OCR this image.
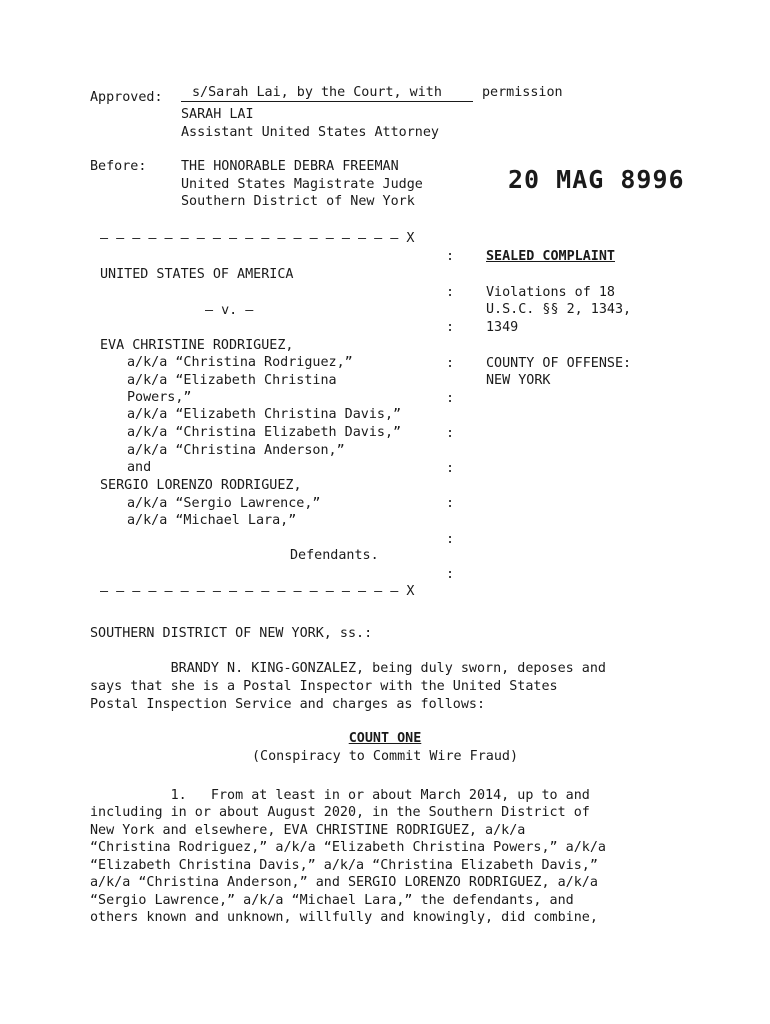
Approved: s/Sarah Lai, by the Court, with	permission
SARAH LAI
Assistant United States Attorney
Before:	THE HONORABLE DEBRA FREEMAN
United States Magistrate Judge
Southern District of New York
20 MAG 8996
– – – – – – – – – – – – – – – – – – – X
:
:
:
:
:
:
:
:
:
:
UNITED STATES OF AMERICA
– v. –
EVA CHRISTINE RODRIGUEZ,
a/k/a “Christina Rodriguez,”
a/k/a “Elizabeth Christina
Powers,”
a/k/a “Elizabeth Christina Davis,”
a/k/a “Christina Elizabeth Davis,”
a/k/a “Christina Anderson,”
and
SERGIO LORENZO RODRIGUEZ,
a/k/a “Sergio Lawrence,”
a/k/a “Michael Lara,”
Defendants.
– – – – – – – – – – – – – – – – – – – X
SEALED COMPLAINT
Violations of 18
U.S.C. §§ 2, 1343,
1349
COUNTY OF OFFENSE:
NEW YORK
SOUTHERN DISTRICT OF NEW YORK, ss.:
BRANDY N. KING-GONZALEZ, being duly sworn, deposes and
says that she is a Postal Inspector with the United States
Postal Inspection Service and charges as follows:
COUNT ONE
(Conspiracy to Commit Wire Fraud)
1.   From at least in or about March 2014, up to and
including in or about August 2020, in the Southern District of
New York and elsewhere, EVA CHRISTINE RODRIGUEZ, a/k/a
“Christina Rodriguez,” a/k/a “Elizabeth Christina Powers,” a/k/a
“Elizabeth Christina Davis,” a/k/a “Christina Elizabeth Davis,”
a/k/a “Christina Anderson,” and SERGIO LORENZO RODRIGUEZ, a/k/a
“Sergio Lawrence,” a/k/a “Michael Lara,” the defendants, and
others known and unknown, willfully and knowingly, did combine,
